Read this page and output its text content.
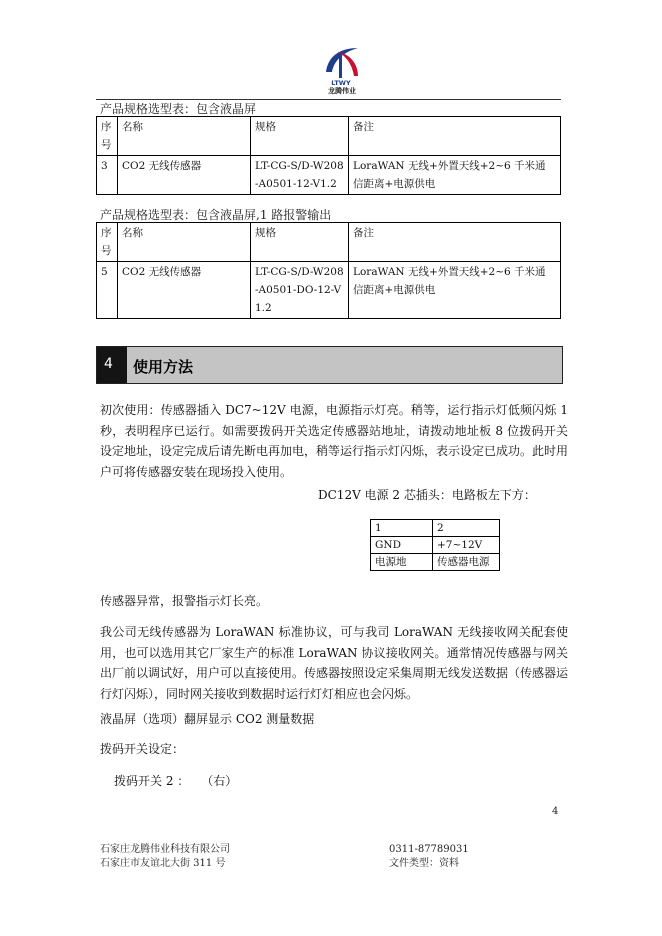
LTWY
龙腾伟业
产品规格选型表：包含液晶屏
序号	名称	规格	备注
3	CO2 无线传感器	LT-CG-S/D-W208-A0501-12-V1.2	LoraWAN 无线+外置天线+2~6 千米通信距离+电源供电
产品规格选型表：包含液晶屏,1 路报警输出
序号	名称	规格	备注
5	CO2 无线传感器	LT-CG-S/D-W208-A0501-DO-12-V1.2	LoraWAN 无线+外置天线+2~6 千米通信距离+电源供电
4 使用方法
初次使用：传感器插入 DC7~12V 电源，电源指示灯亮。稍等，运行指示灯低频闪烁 1 秒，表明程序已运行。如需要拨码开关选定传感器站地址，请拨动地址板 8 位拨码开关设定地址，设定完成后请先断电再加电，稍等运行指示灯闪烁，表示设定已成功。此时用户可将传感器安装在现场投入使用。
DC12V 电源 2 芯插头：电路板左下方：
1	2
GND	+7~12V
电源地	传感器电源
传感器异常，报警指示灯长亮。
我公司无线传感器为 LoraWAN 标准协议，可与我司 LoraWAN 无线接收网关配套使用，也可以选用其它厂家生产的标准 LoraWAN 协议接收网关。通常情况传感器与网关出厂前以调试好，用户可以直接使用。传感器按照设定采集周期无线发送数据（传感器运行灯闪烁），同时网关接收到数据时运行灯灯相应也会闪烁。
液晶屏（选项）翻屏显示 CO2 测量数据
拨码开关设定：
拨码开关 2 ：　　（右）
4
石家庄龙腾伟业科技有限公司
石家庄市友谊北大街 311 号
0311-87789031
文件类型：资料
